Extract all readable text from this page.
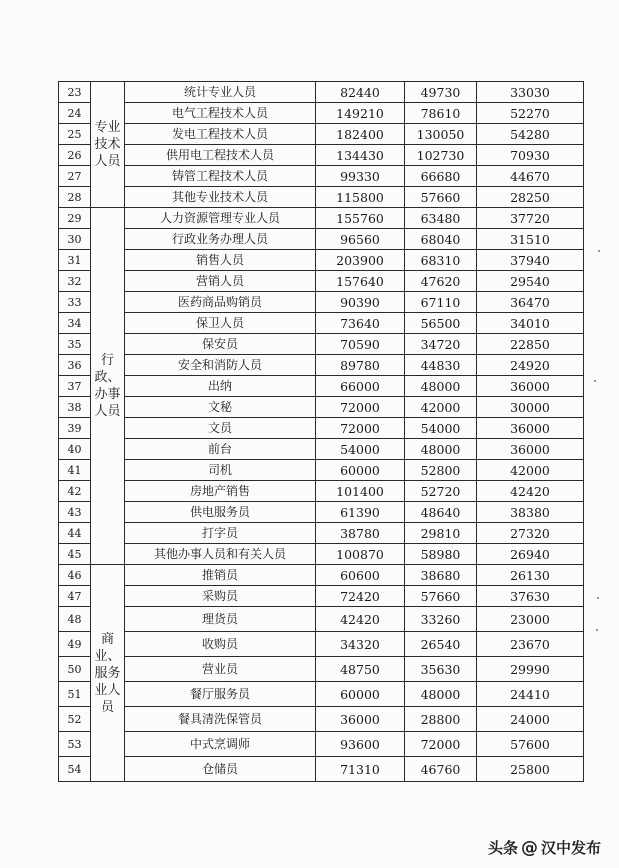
23	专业技术人员	统计专业人员	82440	49730	33030
24		电气工程技术人员	149210	78610	52270
25		发电工程技术人员	182400	130050	54280
26		供用电工程技术人员	134430	102730	70930
27		铸管工程技术人员	99330	66680	44670
28		其他专业技术人员	115800	57660	28250
29	行政、办事人员	人力资源管理专业人员	155760	63480	37720
30		行政业务办理人员	96560	68040	31510
31		销售人员	203900	68310	37940
32		营销人员	157640	47620	29540
33		医药商品购销员	90390	67110	36470
34		保卫人员	73640	56500	34010
35		保安员	70590	34720	22850
36		安全和消防人员	89780	44830	24920
37		出纳	66000	48000	36000
38		文秘	72000	42000	30000
39		文员	72000	54000	36000
40		前台	54000	48000	36000
41		司机	60000	52800	42000
42		房地产销售	101400	52720	42420
43		供电服务员	61390	48640	38380
44		打字员	38780	29810	27320
45		其他办事人员和有关人员	100870	58980	26940
46	商业、服务业人员	推销员	60600	38680	26130
47		采购员	72420	57660	37630
48		理货员	42420	33260	23000
49		收购员	34320	26540	23670
50		营业员	48750	35630	29990
51		餐厅服务员	60000	48000	24410
52		餐具清洗保管员	36000	28800	24000
53		中式烹调师	93600	72000	57600
54		仓储员	71310	46760	25800
头条 @ 汉中发布
